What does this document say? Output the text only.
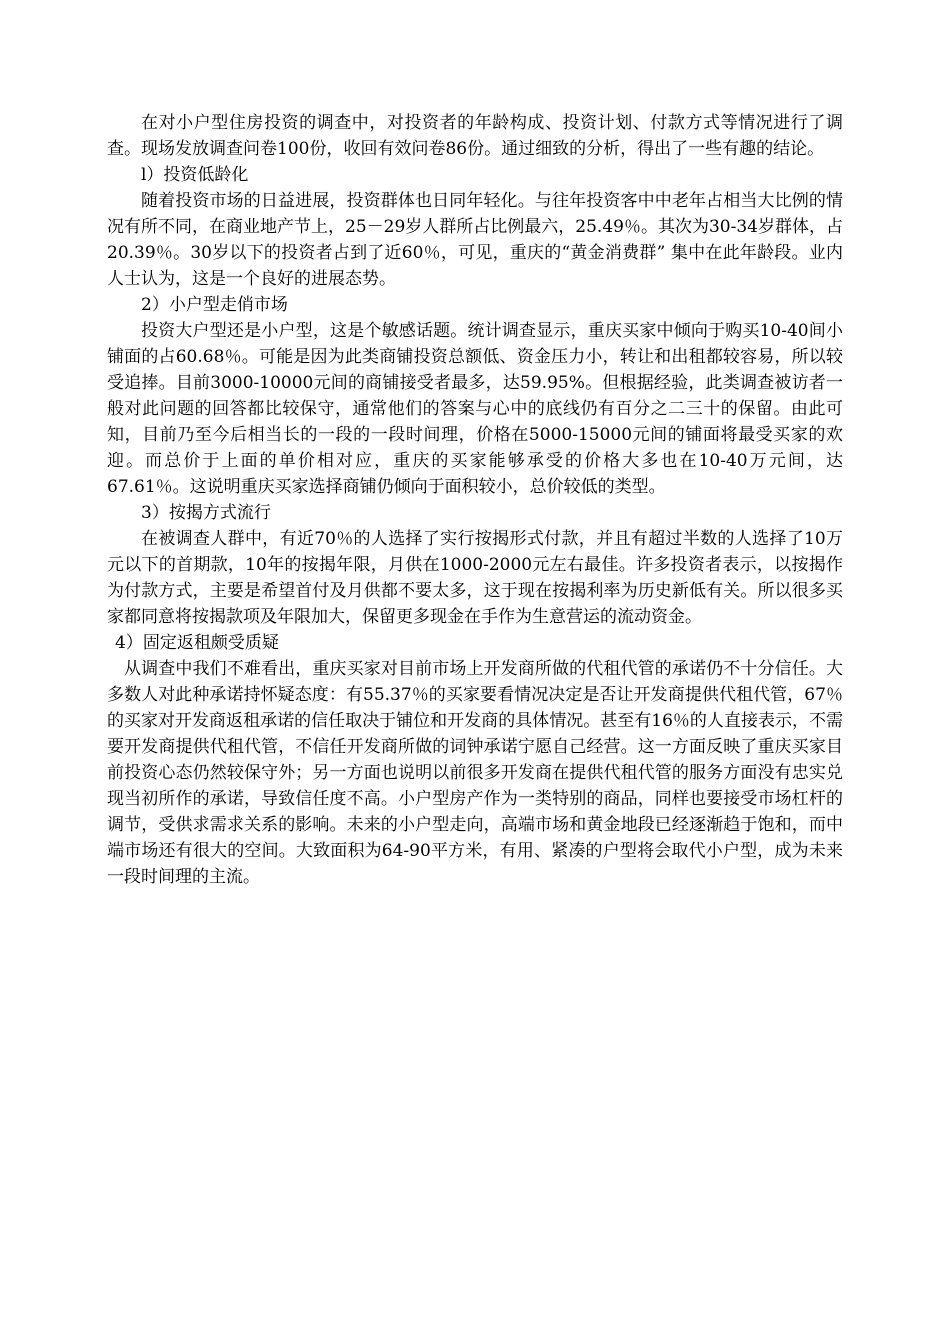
在对小户型住房投资的调查中，对投资者的年龄构成、投资计划、付款方式等情况进行了调查。现场发放调查问卷100份，收回有效问卷86份。通过细致的分析，得出了一些有趣的结论。

l）投资低龄化

随着投资市场的日益进展，投资群体也日同年轻化。与往年投资客中中老年占相当大比例的情况有所不同，在商业地产节上，25－29岁人群所占比例最六，25.49％。其次为30-34岁群体，占20.39％。30岁以下的投资者占到了近60％，可见，重庆的“黄金消费群” 集中在此年龄段。业内人士认为，这是一个良好的进展态势。

2）小户型走俏市场

投资大户型还是小户型，这是个敏感话题。统计调查显示，重庆买家中倾向于购买10-40间小铺面的占60.68％。可能是因为此类商铺投资总额低、资金压力小，转让和出租都较容易，所以较受追捧。目前3000-10000元间的商铺接受者最多，达59.95%。但根据经验，此类调查被访者一般对此问题的回答都比较保守，通常他们的答案与心中的底线仍有百分之二三十的保留。由此可知，目前乃至今后相当长的一段的一段时间理，价格在5000-15000元间的铺面将最受买家的欢迎。而总价于上面的单价相对应，重庆的买家能够承受的价格大多也在10-40万元间，达67.61％。这说明重庆买家选择商铺仍倾向于面积较小，总价较低的类型。

3）按揭方式流行

在被调查人群中，有近70％的人选择了实行按揭形式付款，并且有超过半数的人选择了10万元以下的首期款，10年的按揭年限，月供在1000-2000元左右最佳。许多投资者表示，以按揭作为付款方式，主要是希望首付及月供都不要太多，这于现在按揭利率为历史新低有关。所以很多买家都同意将按揭款项及年限加大，保留更多现金在手作为生意营运的流动资金。

4）固定返租颇受质疑

从调查中我们不难看出，重庆买家对目前市场上开发商所做的代租代管的承诺仍不十分信任。大多数人对此种承诺持怀疑态度：有55.37％的买家要看情况决定是否让开发商提供代租代管，67％的买家对开发商返租承诺的信任取决于铺位和开发商的具体情况。甚至有16％的人直接表示，不需要开发商提供代租代管，不信任开发商所做的词钟承诺宁愿自己经营。这一方面反映了重庆买家目前投资心态仍然较保守外；另一方面也说明以前很多开发商在提供代租代管的服务方面没有忠实兑现当初所作的承诺，导致信任度不高。小户型房产作为一类特别的商品，同样也要接受市场杠杆的调节，受供求需求关系的影响。未来的小户型走向，高端市场和黄金地段已经逐渐趋于饱和，而中端市场还有很大的空间。大致面积为64-90平方米，有用、紧凑的户型将会取代小户型，成为未来一段时间理的主流。
